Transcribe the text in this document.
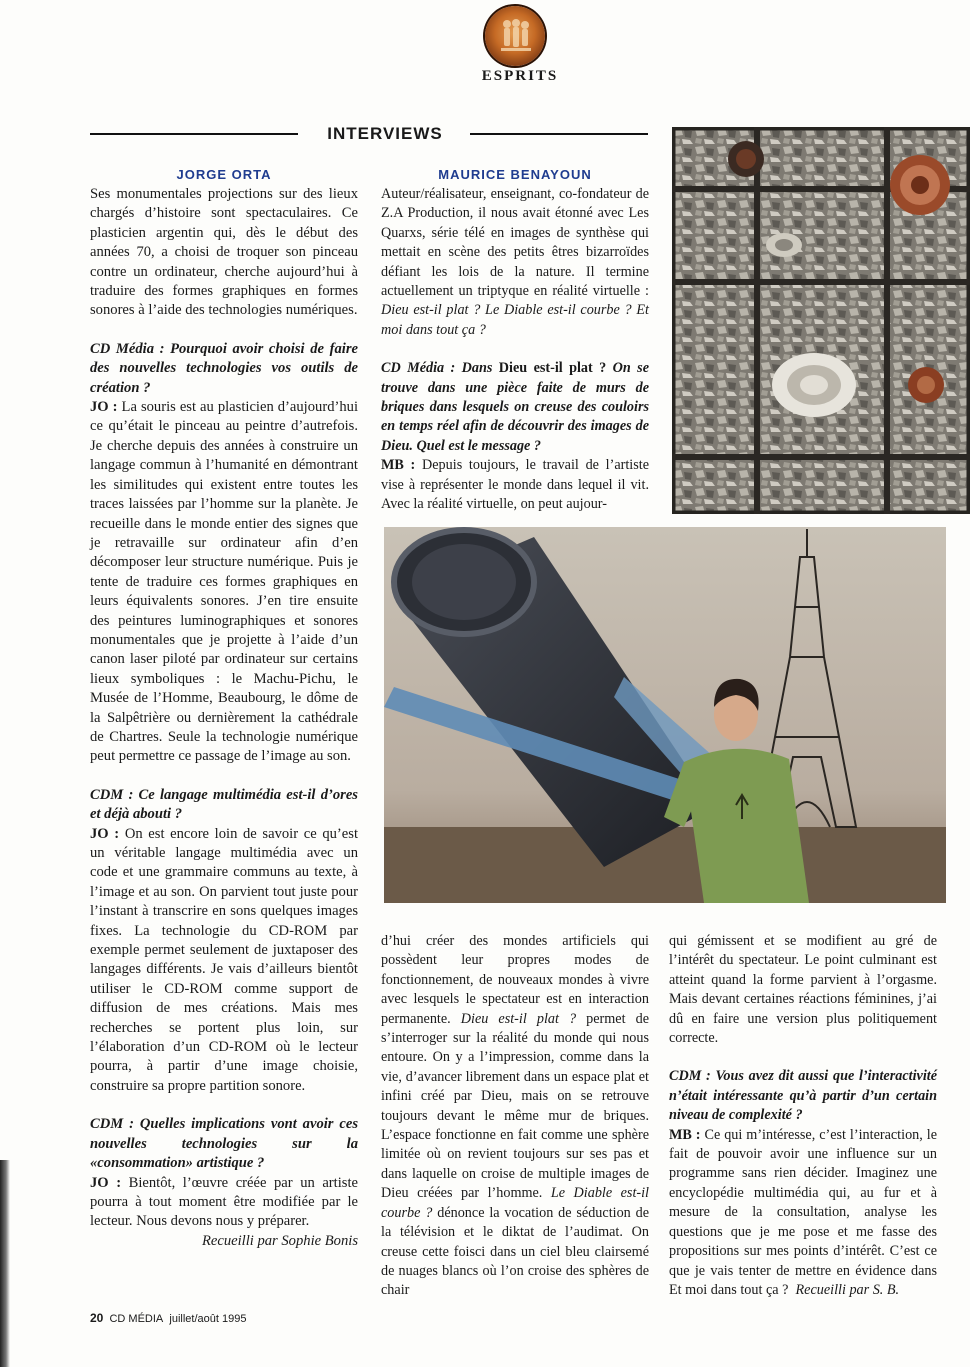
ESPRITS
INTERVIEWS
JORGE ORTA

Ses monumentales projections sur des lieux chargés d’histoire sont spectaculaires. Ce plasticien argentin qui, dès le début des années 70, a choisi de troquer son pinceau contre un ordinateur, cherche aujourd’hui à traduire des formes graphiques en formes sonores à l’aide des technologies numériques.

CD Média : Pourquoi avoir choisi de faire des nouvelles technologies vos outils de création ?

JO : La souris est au plasticien d’aujourd’hui ce qu’était le pinceau au peintre d’autrefois. Je cherche depuis des années à construire un langage commun à l’humanité en démontrant les similitudes qui existent entre toutes les traces laissées par l’homme sur la planète. Je recueille dans le monde entier des signes que je retravaille sur ordinateur afin d’en décomposer leur structure numérique. Puis je tente de traduire ces formes graphiques en leurs équivalents sonores. J’en tire ensuite des peintures luminographiques et sonores monumentales que je projette à l’aide d’un canon laser piloté par ordinateur sur certains lieux symboliques : le Machu-Pichu, le Musée de l’Homme, Beaubourg, le dôme de la Salpêtrière ou dernièrement la cathédrale de Chartres. Seule la technologie numérique peut permettre ce passage de l’image au son.

CDM : Ce langage multimédia est-il d’ores et déjà abouti ?

JO : On est encore loin de savoir ce qu’est un véritable langage multimédia avec un code et une grammaire communs au texte, à l’image et au son. On parvient tout juste pour l’instant à transcrire en sons quelques images fixes. La technologie du CD-ROM par exemple permet seulement de juxtaposer des langages différents. Je vais d’ailleurs bientôt utiliser le CD-ROM comme support de diffusion de mes créations. Mais mes recherches se portent plus loin, sur l’élaboration d’un CD-ROM où le lecteur pourra, à partir d’une image choisie, construire sa propre partition sonore.

CDM : Quelles implications vont avoir ces nouvelles technologies sur la «consommation» artistique ?

JO : Bientôt, l’œuvre créée par un artiste pourra à tout moment être modifiée par le lecteur. Nous devons nous y préparer.

Recueilli par Sophie Bonis

MAURICE BENAYOUN

Auteur/réalisateur, enseignant, co-fondateur de Z.A Production, il nous avait étonné avec Les Quarxs, série télé en images de synthèse qui mettait en scène des petits êtres bizarroïdes défiant les lois de la nature. Il termine actuellement un triptyque en réalité virtuelle : Dieu est-il plat ? Le Diable est-il courbe ? Et moi dans tout ça ?

CD Média : Dans Dieu est-il plat ? On se trouve dans une pièce faite de murs de briques dans lesquels on creuse des couloirs en temps réel afin de découvrir des images de Dieu. Quel est le message ?

MB : Depuis toujours, le travail de l’artiste vise à représenter le monde dans lequel il vit. Avec la réalité virtuelle, on peut aujour-

d’hui créer des mondes artificiels qui possèdent leur propres modes de fonctionnement, de nouveaux mondes à vivre avec lesquels le spectateur est en interaction permanente. Dieu est-il plat ? permet de s’interroger sur la réalité du monde qui nous entoure. On y a l’impression, comme dans la vie, d’avancer librement dans un espace plat et infini créé par Dieu, mais on se retrouve toujours devant le même mur de briques. L’espace fonctionne en fait comme une sphère limitée où on revient toujours sur ses pas et dans laquelle on croise de multiple images de Dieu créées par l’homme. Le Diable est-il courbe ? dénonce la vocation de séduction de la télévision et le diktat de l’audimat. On creuse cette foisci dans un ciel bleu clairsemé de nuages blancs où l’on croise des sphères de chair

qui gémissent et se modifient au gré de l’intérêt du spectateur. Le point culminant est atteint quand la forme parvient à l’orgasme. Mais devant certaines réactions féminines, j’ai dû en faire une version plus politiquement correcte.

CDM : Vous avez dit aussi que l’interactivité n’était intéressante qu’à partir d’un certain niveau de complexité ?

MB : Ce qui m’intéresse, c’est l’interaction, le fait de pouvoir avoir une influence sur un programme sans rien décider. Imaginez une encyclopédie multimédia qui, au fur et à mesure de la consultation, analyse les questions que je me pose et me fasse des propositions sur mes points d’intérêt. C’est ce que je vais tenter de mettre en évidence dans Et moi dans tout ça ? Recueilli par S. B.

20 CD MÉDIA juillet/août 1995
